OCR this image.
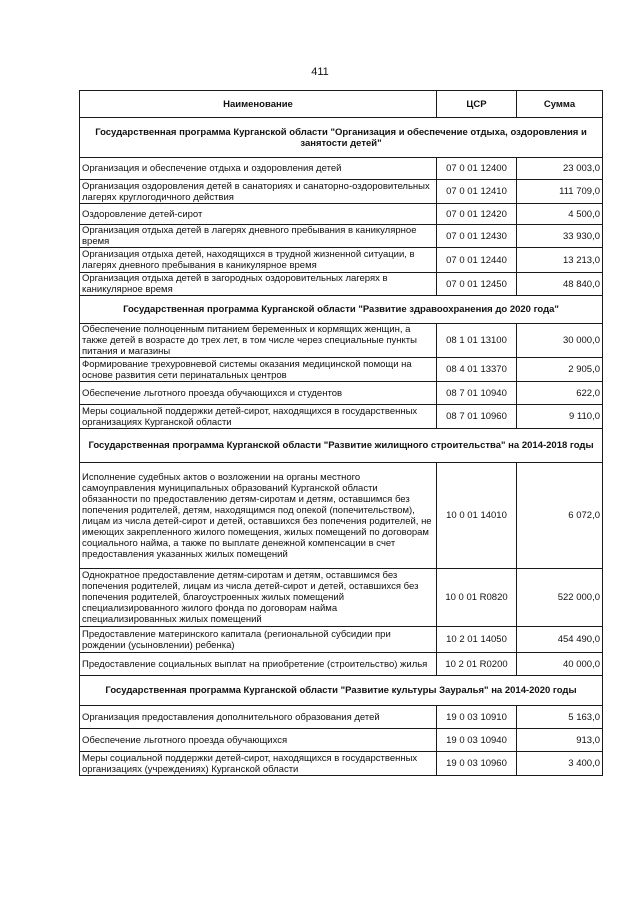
411
Наименование	ЦСР	Сумма
Государственная программа Курганской области "Организация и обеспечение отдыха, оздоровления и занятости детей"		
Организация и обеспечение отдыха и оздоровления детей	07 0 01 12400	23 003,0
Организация оздоровления детей в санаториях и санаторно-оздоровительных лагерях круглогодичного действия	07 0 01 12410	111 709,0
Оздоровление детей-сирот	07 0 01 12420	4 500,0
Организация отдыха детей в лагерях дневного пребывания в каникулярное время	07 0 01 12430	33 930,0
Организация отдыха детей, находящихся в трудной жизненной ситуации, в лагерях дневного пребывания в каникулярное время	07 0 01 12440	13 213,0
Организация отдыха детей в загородных оздоровительных лагерях в каникулярное время	07 0 01 12450	48 840,0
Государственная программа Курганской области "Развитие здравоохранения до 2020 года"		
Обеспечение полноценным питанием беременных и кормящих женщин, а также детей в возрасте до трех лет, в том числе через специальные пункты питания и магазины	08 1 01 13100	30 000,0
Формирование трехуровневой системы оказания медицинской помощи на основе развития сети перинатальных центров	08 4 01 13370	2 905,0
Обеспечение льготного проезда обучающихся и студентов	08 7 01 10940	622,0
Меры социальной поддержки детей-сирот, находящихся в государственных организациях Курганской области	08 7 01 10960	9 110,0
Государственная программа Курганской области "Развитие жилищного строительства" на 2014-2018 годы		
Исполнение судебных актов о возложении на органы местного самоуправления муниципальных образований Курганской области обязанности по предоставлению детям-сиротам и детям, оставшимся без попечения родителей, детям, находящимся под опекой (попечительством), лицам из числа детей-сирот и детей, оставшихся без попечения родителей, не имеющих закрепленного жилого помещения, жилых помещений по договорам социального найма, а также по выплате денежной компенсации в счет предоставления указанных жилых помещений	10 0 01 14010	6 072,0
Однократное предоставление детям-сиротам и детям, оставшимся без попечения родителей, лицам из числа детей-сирот и детей, оставшихся без попечения родителей, благоустроенных жилых помещений специализированного жилого фонда по договорам найма специализированных жилых помещений	10 0 01 R0820	522 000,0
Предоставление материнского капитала (региональной субсидии при рождении (усыновлении) ребенка)	10 2 01 14050	454 490,0
Предоставление социальных выплат на приобретение (строительство) жилья	10 2 01 R0200	40 000,0
Государственная программа Курганской области "Развитие культуры Зауралья" на 2014-2020 годы		
Организация предоставления дополнительного образования детей	19 0 03 10910	5 163,0
Обеспечение льготного проезда обучающихся	19 0 03 10940	913,0
Меры социальной поддержки детей-сирот, находящихся в государственных организациях (учреждениях) Курганской области	19 0 03 10960	3 400,0
